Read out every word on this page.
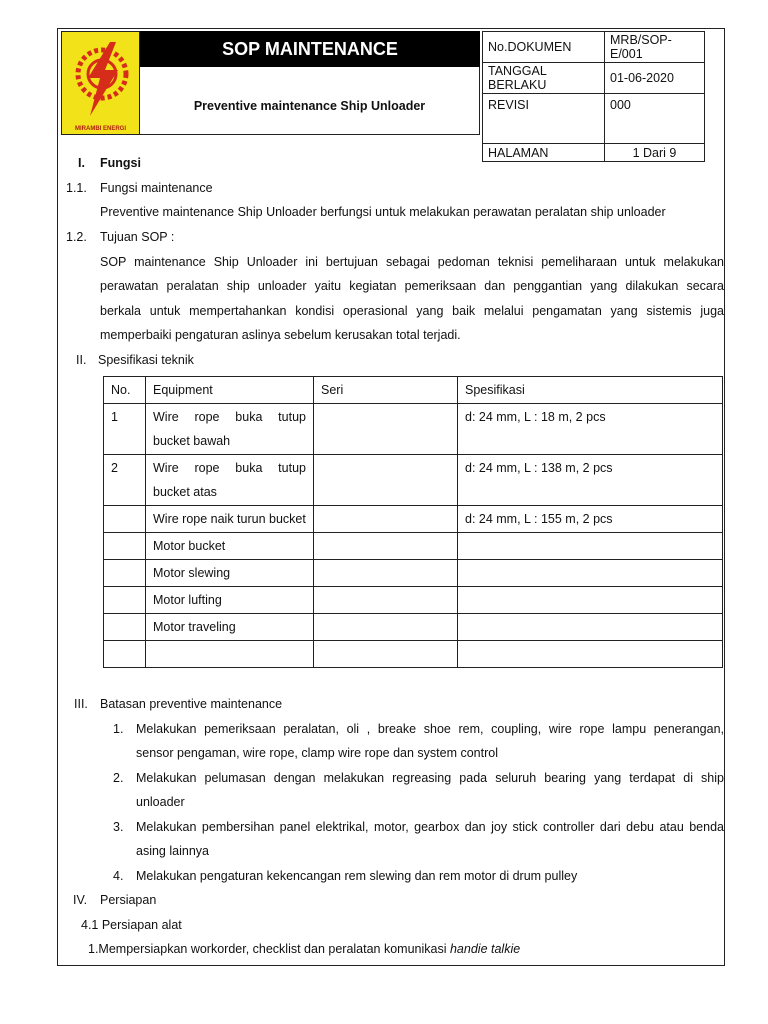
MIRAMBI ENERGI
SOP MAINTENANCE
Preventive maintenance Ship Unloader
No.DOKUMEN	MRB/SOP-E/001
TANGGAL BERLAKU	01-06-2020
REVISI	000
HALAMAN	1 Dari 9
I. Fungsi
1.1. Fungsi maintenance
Preventive maintenance Ship Unloader berfungsi untuk melakukan perawatan peralatan ship unloader
1.2. Tujuan SOP :
SOP maintenance Ship Unloader ini bertujuan sebagai pedoman teknisi pemeliharaan untuk melakukan
perawatan peralatan ship unloader yaitu kegiatan pemeriksaan dan penggantian yang dilakukan secara
berkala untuk mempertahankan kondisi operasional yang baik melalui pengamatan yang sistemis juga
memperbaiki pengaturan aslinya sebelum kerusakan total terjadi.
II. Spesifikasi teknik
No.	Equipment	Seri	Spesifikasi
1	Wire rope buka tutup bucket bawah		d: 24 mm, L : 18 m, 2 pcs
2	Wire rope buka tutup bucket atas		d: 24 mm, L : 138 m, 2 pcs
	Wire rope naik turun bucket		d: 24 mm, L : 155 m, 2 pcs
	Motor bucket		
	Motor slewing		
	Motor lufting		
	Motor traveling		

III. Batasan preventive maintenance
1. Melakukan pemeriksaan peralatan, oli , breake shoe rem, coupling, wire rope lampu penerangan,
sensor pengaman, wire rope, clamp wire rope dan system control
2. Melakukan pelumasan dengan melakukan regreasing pada seluruh bearing yang terdapat di ship
unloader
3. Melakukan pembersihan panel elektrikal, motor, gearbox dan joy stick controller dari debu atau benda
asing lainnya
4. Melakukan pengaturan kekencangan rem slewing dan rem motor di drum pulley
IV. Persiapan
4.1 Persiapan alat
1.Mempersiapkan workorder, checklist dan peralatan komunikasi handie talkie
